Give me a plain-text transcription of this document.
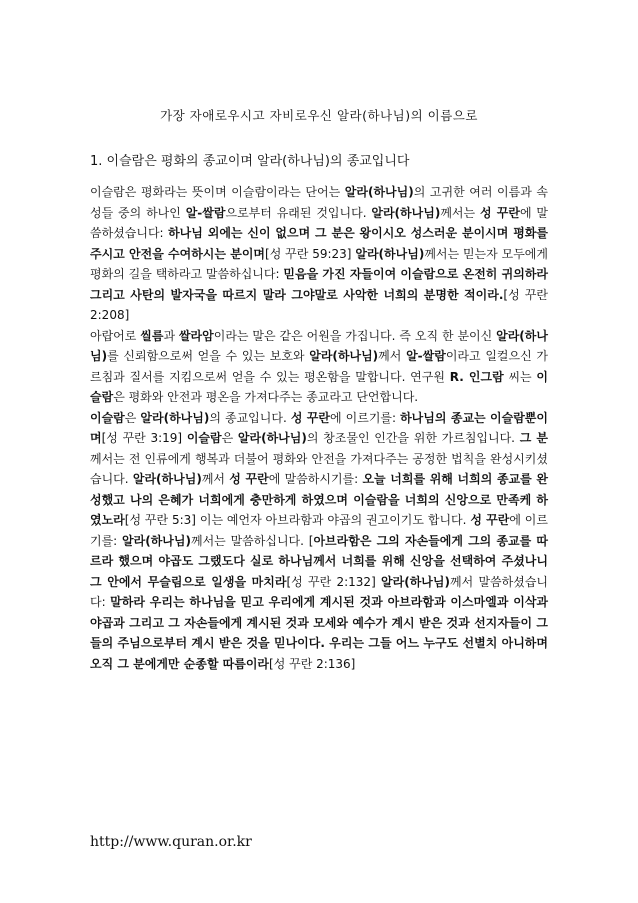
가장 자애로우시고 자비로우신 알라(하나님)의 이름으로
1. 이슬람은 평화의 종교이며 알라(하나님)의 종교입니다

이슬람은 평화라는 뜻이며 이슬람이라는 단어는 알라(하나님)의 고귀한 여러 이름과 속성들 중의 하나인 알-쌀람으로부터 유래된 것입니다. 알라(하나님)께서는 성 꾸란에 말씀하셨습니다: 하나님 외에는 신이 없으며 그 분은 왕이시오 성스러운 분이시며 평화를 주시고 안전을 수여하시는 분이며[성 꾸란 59:23] 알라(하나님)께서는 믿는자 모두에게 평화의 길을 택하라고 말씀하십니다: 믿음을 가진 자들이여 이슬람으로 온전히 귀의하라 그리고 사탄의 발자국을 따르지 말라 그야말로 사악한 너희의 분명한 적이라.[성 꾸란 2:208]

아랍어로 씰름과 쌀라암이라는 말은 같은 어원을 가집니다. 즉 오직 한 분이신 알라(하나님)를 신뢰함으로써 얻을 수 있는 보호와 알라(하나님)께서 알-쌀람이라고 일컬으신 가르침과 질서를 지킴으로써 얻을 수 있는 평온함을 말합니다. 연구원 R. 인그람 씨는 이슬람은 평화와 안전과 평온을 가져다주는 종교라고 단언합니다.

이슬람은 알라(하나님)의 종교입니다. 성 꾸란에 이르기를: 하나님의 종교는 이슬람뿐이며[성 꾸란 3:19] 이슬람은 알라(하나님)의 창조물인 인간을 위한 가르침입니다. 그 분께서는 전 인류에게 행복과 더불어 평화와 안전을 가져다주는 공정한 법칙을 완성시키셨습니다. 알라(하나님)께서 성 꾸란에 말씀하시기를: 오늘 너희를 위해 너희의 종교를 완성했고 나의 은혜가 너희에게 충만하게 하였으며 이슬람을 너희의 신앙으로 만족케 하였노라[성 꾸란 5:3] 이는 예언자 아브라함과 야곱의 권고이기도 합니다. 성 꾸란에 이르기를: 알라(하나님)께서는 말씀하십니다. [아브라함은 그의 자손들에게 그의 종교를 따르라 했으며 야곱도 그랬도다 실로 하나님께서 너희를 위해 신앙을 선택하여 주셨나니 그 안에서 무슬림으로 일생을 마치라[성 꾸란 2:132] 알라(하나님)께서 말씀하셨습니다: 말하라 우리는 하나님을 믿고 우리에게 계시된 것과 아브라함과 이스마엘과 이삭과 야곱과 그리고 그 자손들에게 계시된 것과 모세와 예수가 계시 받은 것과 선지자들이 그들의 주님으로부터 계시 받은 것을 믿나이다. 우리는 그들 어느 누구도 선별치 아니하며 오직 그 분에게만 순종할 따름이라[성 꾸란 2:136]

http://www.quran.or.kr
